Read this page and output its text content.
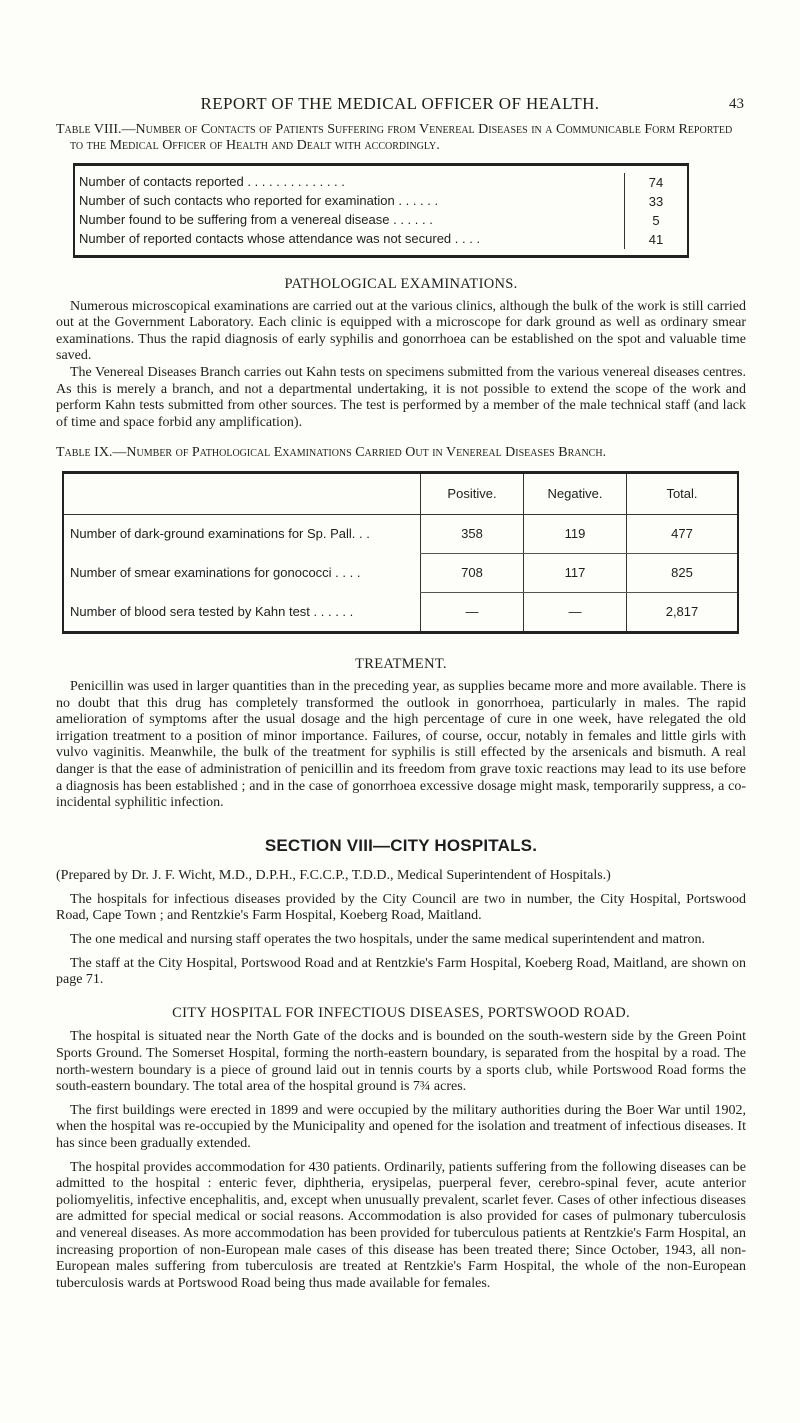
REPORT OF THE MEDICAL OFFICER OF HEALTH.	43
Table VIII.—Number of Contacts of Patients Suffering from Venereal Diseases in a Communicable Form Reported to the Medical Officer of Health and Dealt with accordingly.
Number of contacts reported . . . . . . . . . . . . . .	74
Number of such contacts who reported for examination . . . . . .	33
Number found to be suffering from a venereal disease . . . . . .	5
Number of reported contacts whose attendance was not secured . . . .	41
PATHOLOGICAL EXAMINATIONS.

Numerous microscopical examinations are carried out at the various clinics, although the bulk of the work is still carried out at the Government Laboratory. Each clinic is equipped with a microscope for dark ground as well as ordinary smear examinations. Thus the rapid diagnosis of early syphilis and gonorrhoea can be established on the spot and valuable time saved.

The Venereal Diseases Branch carries out Kahn tests on specimens submitted from the various venereal diseases centres. As this is merely a branch, and not a departmental undertaking, it is not possible to extend the scope of the work and perform Kahn tests submitted from other sources. The test is performed by a member of the male technical staff (and lack of time and space forbid any amplification).

Table IX.—Number of Pathological Examinations Carried Out in Venereal Diseases Branch.
	Positive.	Negative.	Total.
Number of dark-ground examinations for Sp. Pall. . .	358	119	477
Number of smear examinations for gonococci . . . .	708	117	825
Number of blood sera tested by Kahn test . . . . . .	—	—	2,817
TREATMENT.

Penicillin was used in larger quantities than in the preceding year, as supplies became more and more available. There is no doubt that this drug has completely transformed the outlook in gonorrhoea, particularly in males. The rapid amelioration of symptoms after the usual dosage and the high percentage of cure in one week, have relegated the old irrigation treatment to a position of minor importance. Failures, of course, occur, notably in females and little girls with vulvo vaginitis. Meanwhile, the bulk of the treatment for syphilis is still effected by the arsenicals and bismuth. A real danger is that the ease of administration of penicillin and its freedom from grave toxic reactions may lead to its use before a diagnosis has been established ; and in the case of gonorrhoea excessive dosage might mask, temporarily suppress, a co-incidental syphilitic infection.

SECTION VIII—CITY HOSPITALS.
(Prepared by Dr. J. F. Wicht, M.D., D.P.H., F.C.C.P., T.D.D., Medical Superintendent of Hospitals.)

The hospitals for infectious diseases provided by the City Council are two in number, the City Hospital, Portswood Road, Cape Town ; and Rentzkie's Farm Hospital, Koeberg Road, Maitland.

The one medical and nursing staff operates the two hospitals, under the same medical superintendent and matron.

The staff at the City Hospital, Portswood Road and at Rentzkie's Farm Hospital, Koeberg Road, Maitland, are shown on page 71.

CITY HOSPITAL FOR INFECTIOUS DISEASES, PORTSWOOD ROAD.

The hospital is situated near the North Gate of the docks and is bounded on the south-western side by the Green Point Sports Ground. The Somerset Hospital, forming the north-eastern boundary, is separated from the hospital by a road. The north-western boundary is a piece of ground laid out in tennis courts by a sports club, while Portswood Road forms the south-eastern boundary. The total area of the hospital ground is 7¾ acres.

The first buildings were erected in 1899 and were occupied by the military authorities during the Boer War until 1902, when the hospital was re-occupied by the Municipality and opened for the isolation and treatment of infectious diseases. It has since been gradually extended.

The hospital provides accommodation for 430 patients. Ordinarily, patients suffering from the following diseases can be admitted to the hospital : enteric fever, diphtheria, erysipelas, puerperal fever, cerebro-spinal fever, acute anterior poliomyelitis, infective encephalitis, and, except when unusually prevalent, scarlet fever. Cases of other infectious diseases are admitted for special medical or social reasons. Accommodation is also provided for cases of pulmonary tuberculosis and venereal diseases. As more accommodation has been provided for tuberculous patients at Rentzkie's Farm Hospital, an increasing proportion of non-European male cases of this disease has been treated there; Since October, 1943, all non-European males suffering from tuberculosis are treated at Rentzkie's Farm Hospital, the whole of the non-European tuberculosis wards at Portswood Road being thus made available for females.
